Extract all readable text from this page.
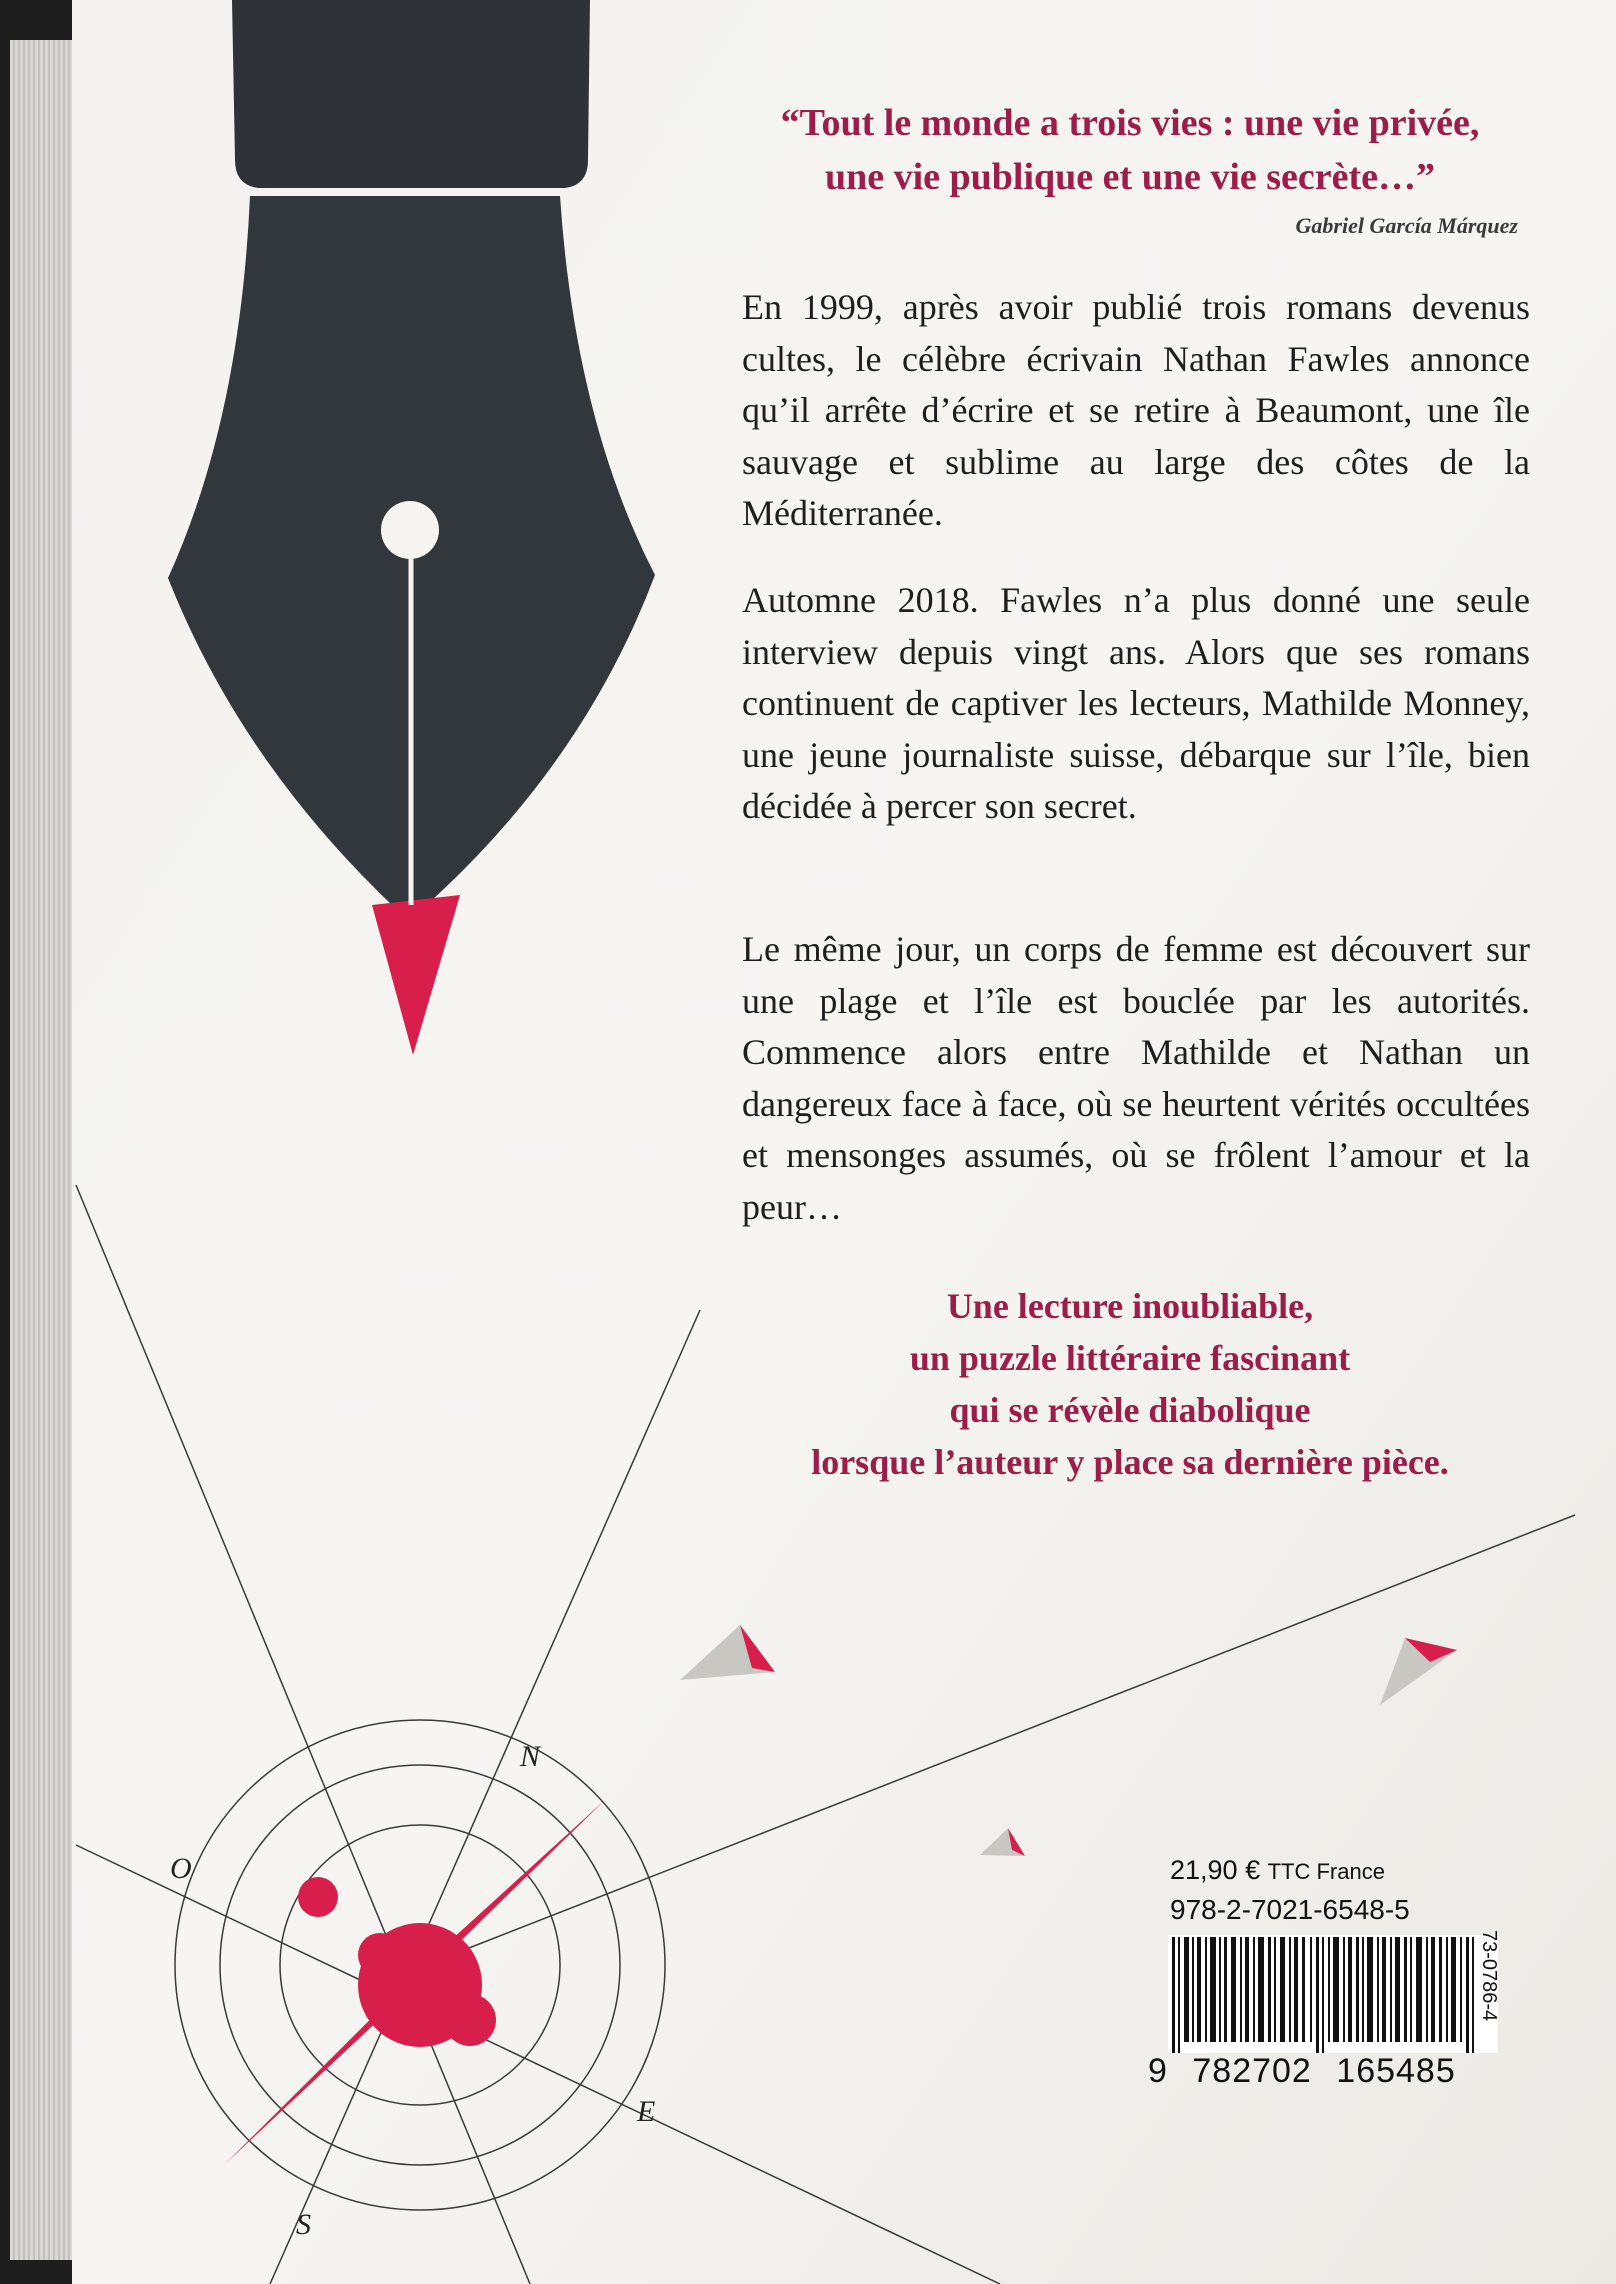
“Tout le monde a trois vies : une vie privée,
une vie publique et une vie secrète…”
Gabriel García Márquez
En 1999, après avoir publié trois romans devenus cultes, le célèbre écrivain Nathan Fawles annonce qu’il arrête d’écrire et se retire à Beaumont, une île sauvage et sublime au large des côtes de la Méditerranée.
Automne 2018. Fawles n’a plus donné une seule interview depuis vingt ans. Alors que ses romans continuent de captiver les lecteurs, Mathilde Monney, une jeune journaliste suisse, débarque sur l’île, bien décidée à percer son secret.
Le même jour, un corps de femme est découvert sur une plage et l’île est bouclée par les autorités. Commence alors entre Mathilde et Nathan un dangereux face à face, où se heurtent vérités occultées et mensonges assumés, où se frôlent l’amour et la peur…
Une lecture inoubliable,
un puzzle littéraire fascinant
qui se révèle diabolique
lorsque l’auteur y place sa dernière pièce.
N
O
E
S
21,90 € TTC France
978-2-7021-6548-5
9 782702 165485
73-0786-4
